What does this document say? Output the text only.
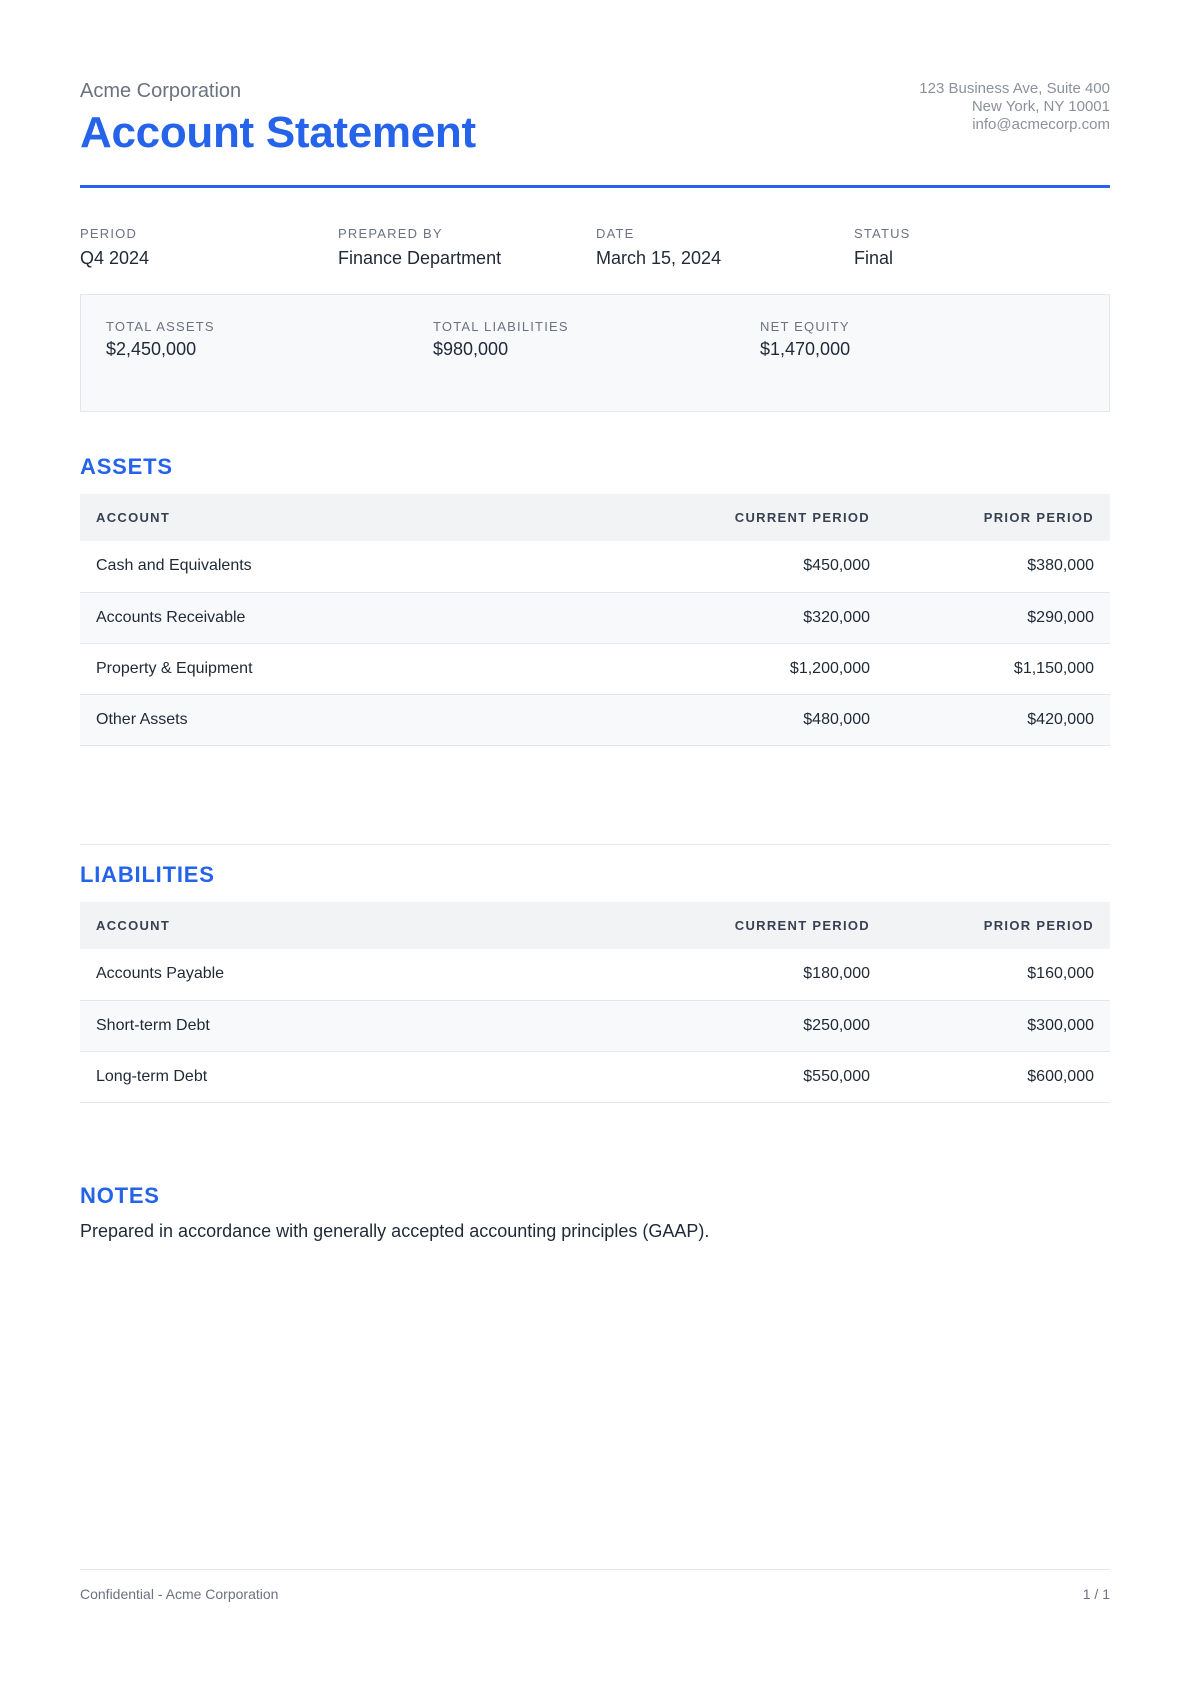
Acme Corporation
Account Statement
123 Business Ave, Suite 400
New York, NY 10001
info@acmecorp.com
PERIOD
Q4 2024
PREPARED BY
Finance Department
DATE
March 15, 2024
STATUS
Final
TOTAL ASSETS
$2,450,000
TOTAL LIABILITIES
$980,000
NET EQUITY
$1,470,000
ASSETS
ACCOUNT	CURRENT PERIOD	PRIOR PERIOD
Cash and Equivalents	$450,000	$380,000
Accounts Receivable	$320,000	$290,000
Property & Equipment	$1,200,000	$1,150,000
Other Assets	$480,000	$420,000
LIABILITIES
ACCOUNT	CURRENT PERIOD	PRIOR PERIOD
Accounts Payable	$180,000	$160,000
Short-term Debt	$250,000	$300,000
Long-term Debt	$550,000	$600,000
NOTES
Prepared in accordance with generally accepted accounting principles (GAAP).
Confidential - Acme Corporation	1 / 1
